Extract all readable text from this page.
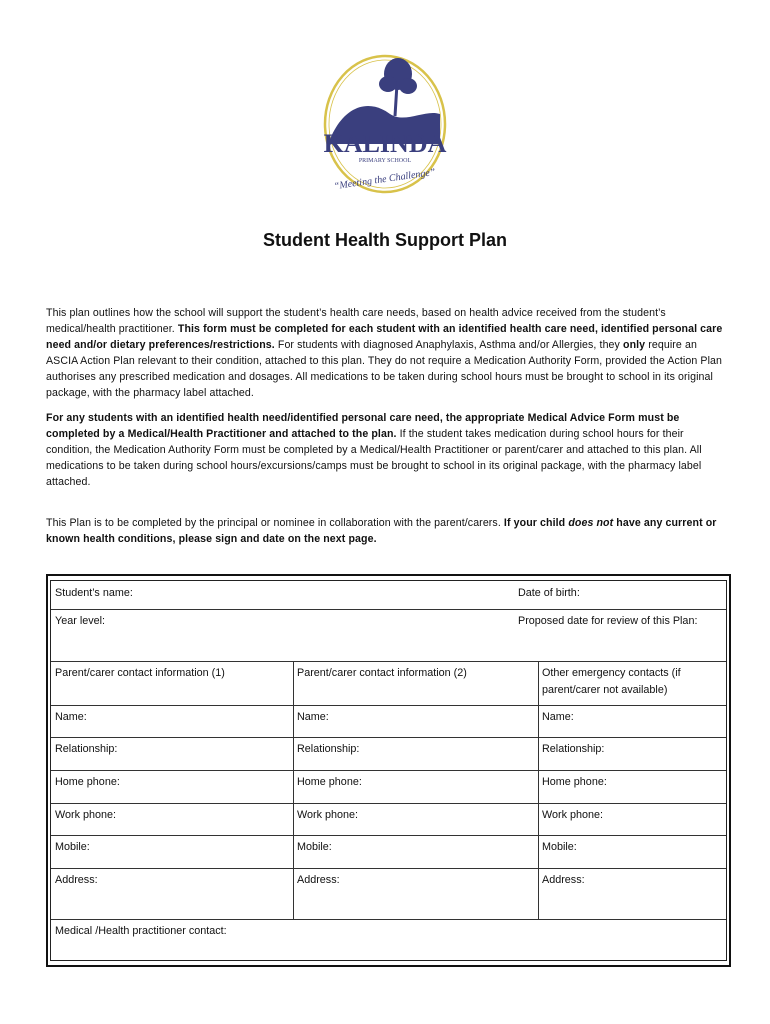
KALINDA
PRIMARY SCHOOL
“Meeting the Challenge”
Student Health Support Plan
This plan outlines how the school will support the student’s health care needs, based on health advice received from the student’s medical/health practitioner. This form must be completed for each student with an identified health care need, identified personal care need and/or dietary preferences/restrictions. For students with diagnosed Anaphylaxis, Asthma and/or Allergies, they only require an ASCIA Action Plan relevant to their condition, attached to this plan. They do not require a Medication Authority Form, provided the Action Plan authorises any prescribed medication and dosages. All medications to be taken during school hours must be brought to school in its original package, with the pharmacy label attached.
For any students with an identified health need/identified personal care need, the appropriate Medical Advice Form must be completed by a Medical/Health Practitioner and attached to the plan. If the student takes medication during school hours for their condition, the Medication Authority Form must be completed by a Medical/Health Practitioner or parent/carer and attached to this plan. All medications to be taken during school hours/excursions/camps must be brought to school in its original package, with the pharmacy label attached.
This Plan is to be completed by the principal or nominee in collaboration with the parent/carers. If your child does not have any current or known health conditions, please sign and date on the next page.
Student’s name:	Date of birth:
Year level:	Proposed date for review of this Plan:
Parent/carer contact information (1)	Parent/carer contact information (2)	Other emergency contacts (if parent/carer not available)
Name:	Name:	Name:
Relationship:	Relationship:	Relationship:
Home phone:	Home phone:	Home phone:
Work phone:	Work phone:	Work phone:
Mobile:	Mobile:	Mobile:
Address:	Address:	Address:
Medical /Health practitioner contact:
